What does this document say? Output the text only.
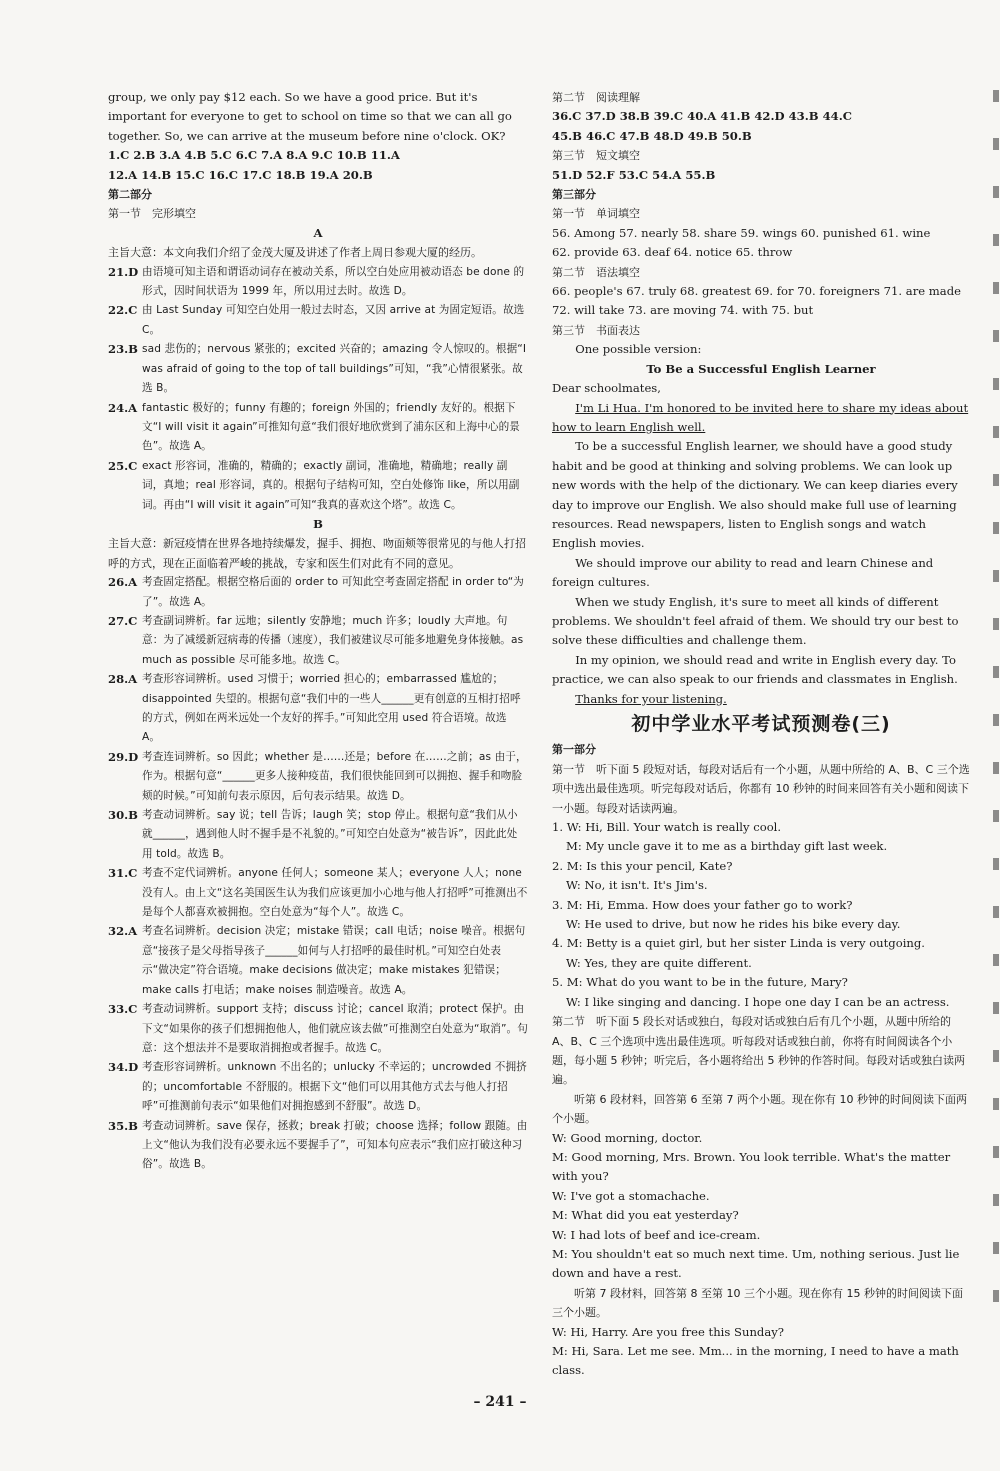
group, we only pay $12 each. So we have a good price. But it's important for everyone to get to school on time so that we can all go together. So, we can arrive at the museum before nine o'clock. OK?

1.C 2.B 3.A 4.B 5.C 6.C 7.A 8.A 9.C 10.B 11.A

12.A 14.B 15.C 16.C 17.C 18.B 19.A 20.B

第二部分

第一节　完形填空

A

主旨大意：本文向我们介绍了金茂大厦及讲述了作者上周日参观大厦的经历。

21.D 由语境可知主语和谓语动词存在被动关系，所以空白处应用被动语态 be done 的形式，因时间状语为 1999 年，所以用过去时。故选 D。
22.C 由 Last Sunday 可知空白处用一般过去时态，又因 arrive at 为固定短语。故选 C。
23.B sad 悲伤的；nervous 紧张的；excited 兴奋的；amazing 令人惊叹的。根据“I was afraid of going to the top of tall buildings”可知，“我”心情很紧张。故选 B。
24.A fantastic 极好的；funny 有趣的；foreign 外国的；friendly 友好的。根据下文“I will visit it again”可推知句意“我们很好地欣赏到了浦东区和上海中心的景色”。故选 A。
25.C exact 形容词，准确的，精确的；exactly 副词，准确地，精确地；really 副词，真地；real 形容词，真的。根据句子结构可知，空白处修饰 like，所以用副词。再由“I will visit it again”可知“我真的喜欢这个塔”。故选 C。

B

主旨大意：新冠疫情在世界各地持续爆发，握手、拥抱、吻面颊等很常见的与他人打招呼的方式，现在正面临着严峻的挑战，专家和医生们对此有不同的意见。

26.A 考查固定搭配。根据空格后面的 order to 可知此空考查固定搭配 in order to“为了”。故选 A。
27.C 考查副词辨析。far 远地；silently 安静地；much 许多；loudly 大声地。句意：为了减缓新冠病毒的传播（速度），我们被建议尽可能多地避免身体接触。as much as possible 尽可能多地。故选 C。
28.A 考查形容词辨析。used 习惯于；worried 担心的；embarrassed 尴尬的；disappointed 失望的。根据句意“我们中的一些人______更有创意的互相打招呼的方式，例如在两米远处一个友好的挥手。”可知此空用 used 符合语境。故选 A。
29.D 考查连词辨析。so 因此；whether 是……还是；before 在……之前；as 由于，作为。根据句意“______更多人接种疫苗，我们很快能回到可以拥抱、握手和吻脸颊的时候。”可知前句表示原因，后句表示结果。故选 D。
30.B 考查动词辨析。say 说；tell 告诉；laugh 笑；stop 停止。根据句意“我们从小就______，遇到他人时不握手是不礼貌的。”可知空白处意为“被告诉”，因此此处用 told。故选 B。
31.C 考查不定代词辨析。anyone 任何人；someone 某人；everyone 人人；none 没有人。由上文“这名美国医生认为我们应该更加小心地与他人打招呼”可推测出不是每个人都喜欢被拥抱。空白处意为“每个人”。故选 C。
32.A 考查名词辨析。decision 决定；mistake 错误；call 电话；noise 噪音。根据句意“接孩子是父母指导孩子______如何与人打招呼的最佳时机。”可知空白处表示“做决定”符合语境。make decisions 做决定；make mistakes 犯错误；make calls 打电话；make noises 制造噪音。故选 A。
33.C 考查动词辨析。support 支持；discuss 讨论；cancel 取消；protect 保护。由下文“如果你的孩子们想拥抱他人，他们就应该去做”可推测空白处意为“取消”。句意：这个想法并不是要取消拥抱或者握手。故选 C。
34.D 考查形容词辨析。unknown 不出名的；unlucky 不幸运的；uncrowded 不拥挤的；uncomfortable 不舒服的。根据下文“他们可以用其他方式去与他人打招呼”可推测前句表示“如果他们对拥抱感到不舒服”。故选 D。
35.B 考查动词辨析。save 保存，拯救；break 打破；choose 选择；follow 跟随。由上文“他认为我们没有必要永远不要握手了”，可知本句应表示“我们应打破这种习俗”。故选 B。

第二节　阅读理解

36.C 37.D 38.B 39.C 40.A 41.B 42.D 43.B 44.C

45.B 46.C 47.B 48.D 49.B 50.B

第三节　短文填空

51.D 52.F 53.C 54.A 55.B

第三部分

第一节　单词填空

56. Among 57. nearly 58. share 59. wings 60. punished 61. wine

62. provide 63. deaf 64. notice 65. throw

第二节　语法填空

66. people's 67. truly 68. greatest 69. for 70. foreigners 71. are made

72. will take 73. are moving 74. with 75. but

第三节　书面表达

One possible version:

To Be a Successful English Learner

Dear schoolmates,

I'm Li Hua. I'm honored to be invited here to share my ideas about how to learn English well.

To be a successful English learner, we should have a good study habit and be good at thinking and solving problems. We can look up new words with the help of the dictionary. We can keep diaries every day to improve our English. We also should make full use of learning resources. Read newspapers, listen to English songs and watch English movies.

We should improve our ability to read and learn Chinese and foreign cultures.

When we study English, it's sure to meet all kinds of different problems. We shouldn't feel afraid of them. We should try our best to solve these difficulties and challenge them.

In my opinion, we should read and write in English every day. To practice, we can also speak to our friends and classmates in English.

Thanks for your listening.

初中学业水平考试预测卷(三)

第一部分

第一节　听下面 5 段短对话，每段对话后有一个小题，从题中所给的 A、B、C 三个选项中选出最佳选项。听完每段对话后，你都有 10 秒钟的时间来回答有关小题和阅读下一小题。每段对话读两遍。

1. W: Hi, Bill. Your watch is really cool.

M: My uncle gave it to me as a birthday gift last week.

2. M: Is this your pencil, Kate?

W: No, it isn't. It's Jim's.

3. M: Hi, Emma. How does your father go to work?

W: He used to drive, but now he rides his bike every day.

4. M: Betty is a quiet girl, but her sister Linda is very outgoing.

W: Yes, they are quite different.

5. M: What do you want to be in the future, Mary?

W: I like singing and dancing. I hope one day I can be an actress.

第二节　听下面 5 段长对话或独白，每段对话或独白后有几个小题，从题中所给的 A、B、C 三个选项中选出最佳选项。听每段对话或独白前，你将有时间阅读各个小题，每小题 5 秒钟；听完后，各小题将给出 5 秒钟的作答时间。每段对话或独白读两遍。

听第 6 段材料，回答第 6 至第 7 两个小题。现在你有 10 秒钟的时间阅读下面两个小题。

W: Good morning, doctor.

M: Good morning, Mrs. Brown. You look terrible. What's the matter with you?

W: I've got a stomachache.

M: What did you eat yesterday?

W: I had lots of beef and ice-cream.

M: You shouldn't eat so much next time. Um, nothing serious. Just lie down and have a rest.

听第 7 段材料，回答第 8 至第 10 三个小题。现在你有 15 秒钟的时间阅读下面三个小题。

W: Hi, Harry. Are you free this Sunday?

M: Hi, Sara. Let me see. Mm... in the morning, I need to have a math class.

– 241 –
